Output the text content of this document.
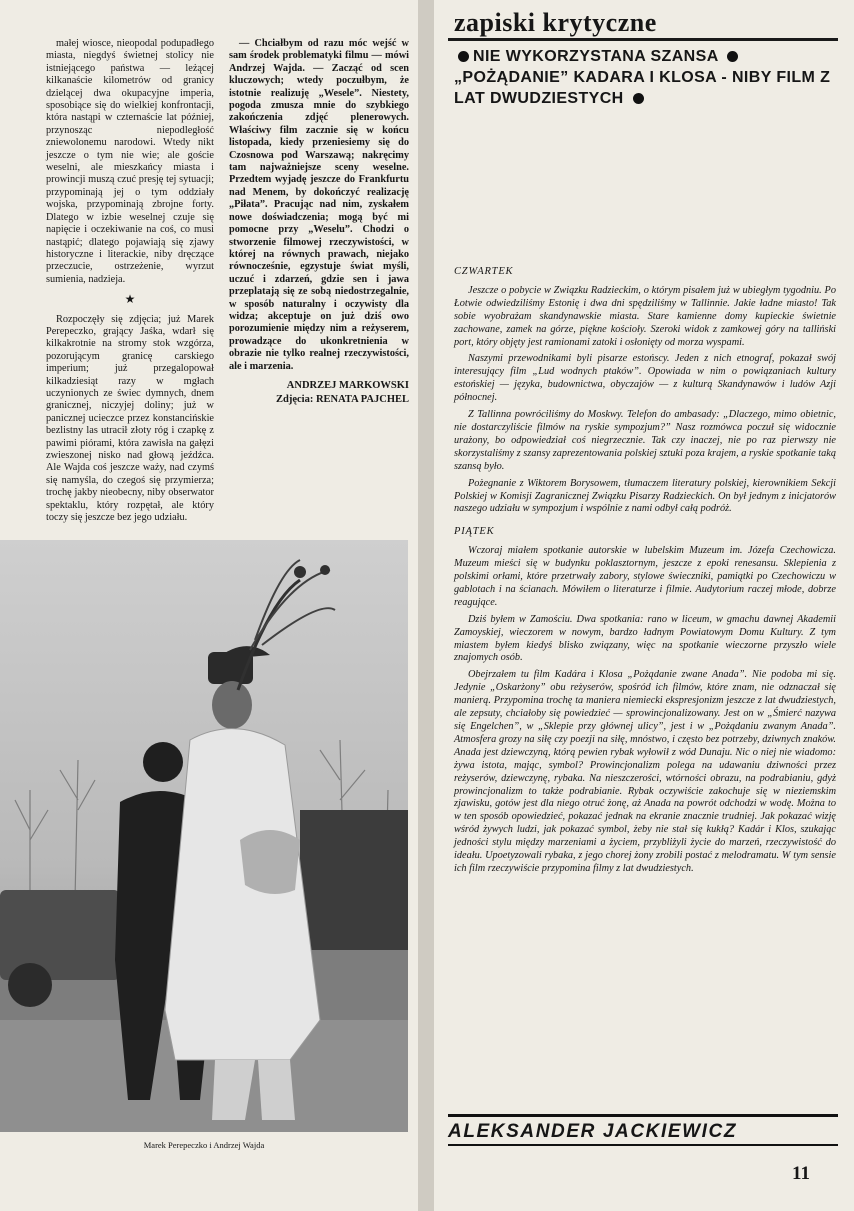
małej wiosce, nieopodal podupadłego miasta, niegdyś świetnej stolicy nie istniejącego państwa — leżącej kilkanaście kilometrów od granicy dzielącej dwa okupacyjne imperia, sposobiące się do wielkiej konfrontacji, która nastąpi w czternaście lat później, przynosząc niepodległość zniewolonemu narodowi. Wtedy nikt jeszcze o tym nie wie; ale goście weselni, ale mieszkańcy miasta i prowincji muszą czuć presję tej sytuacji; przypominają jej o tym oddziały wojska, przypominają zbrojne forty. Dlatego w izbie weselnej czuje się napięcie i oczekiwanie na coś, co musi nastąpić; dlatego pojawiają się zjawy historyczne i literackie, niby dręczące przeczucie, ostrzeżenie, wyrzut sumienia, nadzieja.

★

Rozpoczęły się zdjęcia; już Marek Perepeczko, grający Jaśka, wdarł się kilkakrotnie na stromy stok wzgórza, pozorującym granicę carskiego imperium; już przegalopował kilkadziesiąt razy w mgłach uczynionych ze świec dymnych, dnem granicznej, niczyjej doliny; już w panicznej ucieczce przez konstancińskie bezlistny las utracił złoty róg i czapkę z pawimi piórami, która zawisła na gałęzi zwieszonej nisko nad głową jeźdźca. Ale Wajda coś jeszcze waży, nad czymś się namyśla, do czegoś się przymierza; trochę jakby nieobecny, niby obserwator spektaklu, który rozpętał, ale który toczy się jeszcze bez jego udziału.

— Chciałbym od razu móc wejść w sam środek problematyki filmu — mówi Andrzej Wajda. — Zacząć od scen kluczowych; wtedy poczułbym, że istotnie realizuję „Wesele”. Niestety, pogoda zmusza mnie do szybkiego zakończenia zdjęć plenerowych. Właściwy film zacznie się w końcu listopada, kiedy przeniesiemy się do Czosnowa pod Warszawą; nakręcimy tam najważniejsze sceny weselne. Przedtem wyjadę jeszcze do Frankfurtu nad Menem, by dokończyć realizację „Piłata”. Pracując nad nim, zyskałem nowe doświadczenia; mogą być mi pomocne przy „Weselu”. Chodzi o stworzenie filmowej rzeczywistości, w której na równych prawach, niejako równocześnie, egzystuje świat myśli, uczuć i zdarzeń, gdzie sen i jawa przeplatają się ze sobą niedostrzegalnie, w sposób naturalny i oczywisty dla widza; akceptuje on już dziś owo porozumienie między nim a reżyserem, prowadzące do ukonkretnienia w obrazie nie tylko realnej rzeczywistości, ale i marzenia.

ANDRZEJ MARKOWSKI
Zdjęcia: RENATA PAJCHEL
Marek Perepeczko i Andrzej Wajda
zapiski krytyczne
NIE WYKORZYSTANA SZANSA „POŻĄDANIE” KADARA I KLOSA - NIBY FILM Z LAT DWUDZIESTYCH
CZWARTEK

Jeszcze o pobycie w Związku Radzieckim, o którym pisałem już w ubiegłym tygodniu. Po Łotwie odwiedziliśmy Estonię i dwa dni spędziliśmy w Tallinnie. Jakie ładne miasto! Tak sobie wyobrażam skandynawskie miasta. Stare kamienne domy kupieckie świetnie zachowane, zamek na górze, piękne kościoły. Szeroki widok z zamkowej góry na talliński port, który objęty jest ramionami zatoki i osłonięty od morza wyspami.

Naszymi przewodnikami byli pisarze estońscy. Jeden z nich etnograf, pokazał swój interesujący film „Lud wodnych ptaków”. Opowiada w nim o powiązaniach kultury estońskiej — języka, budownictwa, obyczajów — z kulturą Skandynawów i ludów Azji północnej.

Z Tallinna powróciliśmy do Moskwy. Telefon do ambasady: „Dlaczego, mimo obietnic, nie dostarczyliście filmów na ryskie sympozjum?” Nasz rozmówca poczuł się widocznie urażony, bo odpowiedział coś niegrzecznie. Tak czy inaczej, nie po raz pierwszy nie skorzystaliśmy z szansy zaprezentowania polskiej sztuki poza krajem, a ryskie spotkanie taką szansą było.

Pożegnanie z Wiktorem Borysowem, tłumaczem literatury polskiej, kierownikiem Sekcji Polskiej w Komisji Zagranicznej Związku Pisarzy Radzieckich. On był jednym z inicjatorów naszego udziału w sympozjum i wspólnie z nami odbył całą podróż.

PIĄTEK

Wczoraj miałem spotkanie autorskie w lubelskim Muzeum im. Józefa Czechowicza. Muzeum mieści się w budynku poklasztornym, jeszcze z epoki renesansu. Sklepienia z polskimi orłami, które przetrwały zabory, stylowe świeczniki, pamiątki po Czechowiczu w gablotach i na ścianach. Mówiłem o literaturze i filmie. Audytorium raczej młode, dobrze reagujące.

Dziś byłem w Zamościu. Dwa spotkania: rano w liceum, w gmachu dawnej Akademii Zamoyskiej, wieczorem w nowym, bardzo ładnym Powiatowym Domu Kultury. Z tym miastem byłem kiedyś blisko związany, więc na spotkanie wieczorne przyszło wiele znajomych osób.

Obejrzałem tu film Kadára i Klosa „Pożądanie zwane Anada”. Nie podoba mi się. Jedynie „Oskarżony” obu reżyserów, spośród ich filmów, które znam, nie odznaczał się manierą. Przypomina trochę ta maniera niemiecki ekspresjonizm jeszcze z lat dwudziestych, ale zepsuty, chciałoby się powiedzieć — sprowincjonalizowany. Jest on w „Śmierć nazywa się Engelchen”, w „Sklepie przy głównej ulicy”, jest i w „Pożądaniu zwanym Anada”. Atmosfera grozy na siłę czy poezji na siłę, mnóstwo, i często bez potrzeby, dziwnych znaków. Anada jest dziewczyną, którą pewien rybak wyłowił z wód Dunaju. Nic o niej nie wiadomo: żywa istota, mając, symbol? Prowincjonalizm polega na udawaniu dziwności przez reżyserów, dziewczynę, rybaka. Na nieszczerości, wtórności obrazu, na podrabianiu, gdyż prowincjonalizm to także podrabianie. Rybak oczywiście zakochuje się w nieziemskim zjawisku, gotów jest dla niego otruć żonę, aż Anada na powrót odchodzi w wodę. Można to w ten sposób opowiedzieć, pokazać jednak na ekranie znacznie trudniej. Jak pokazać wizję wśród żywych ludzi, jak pokazać symbol, żeby nie stał się kukłą? Kadár i Klos, szukając jedności stylu między marzeniami a życiem, przybliżyli życie do marzeń, rzeczywistość do ideału. Upoetyzowali rybaka, z jego chorej żony zrobili postać z melodramatu. W tym sensie ich film rzeczywiście przypomina filmy z lat dwudziestych.

ALEKSANDER JACKIEWICZ
11
